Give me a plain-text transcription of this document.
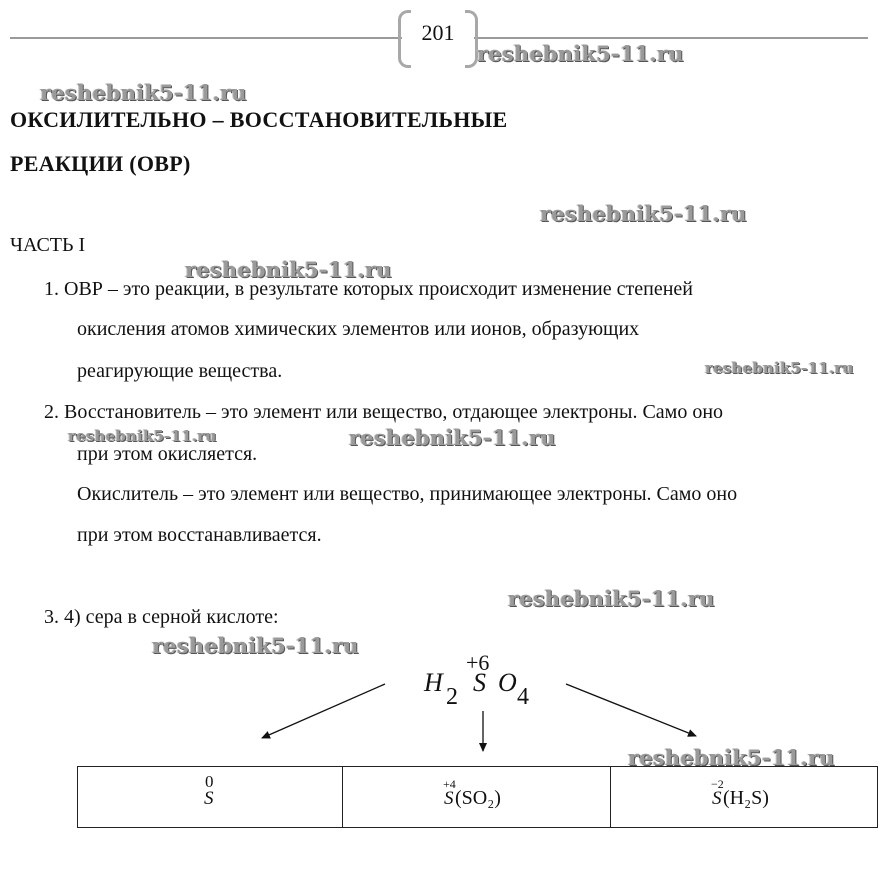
201
reshebnik5-11.ru
reshebnik5-11.ru
reshebnik5-11.ru
reshebnik5-11.ru
reshebnik5-11.ru
reshebnik5-11.ru	reshebnik5-11.ru
reshebnik5-11.ru
reshebnik5-11.ru
reshebnik5-11.ru
ОКСИЛИТЕЛЬНО – ВОССТАНОВИТЕЛЬНЫЕ
РЕАКЦИИ (ОВР)
ЧАСТЬ I
1. ОВР – это реакции, в результате которых происходит изменение степеней
окисления атомов химических элементов или ионов, образующих
реагирующие вещества.
2. Восстановитель – это элемент или вещество, отдающее электроны. Само оно
при этом окисляется.
Окислитель – это элемент или вещество, принимающее электроны. Само оно
при этом восстанавливается.
3. 4) сера в серной кислоте:
+6
H 2 S O 4
0
S
+4
S (SO₂)
−2
S (H₂S)
